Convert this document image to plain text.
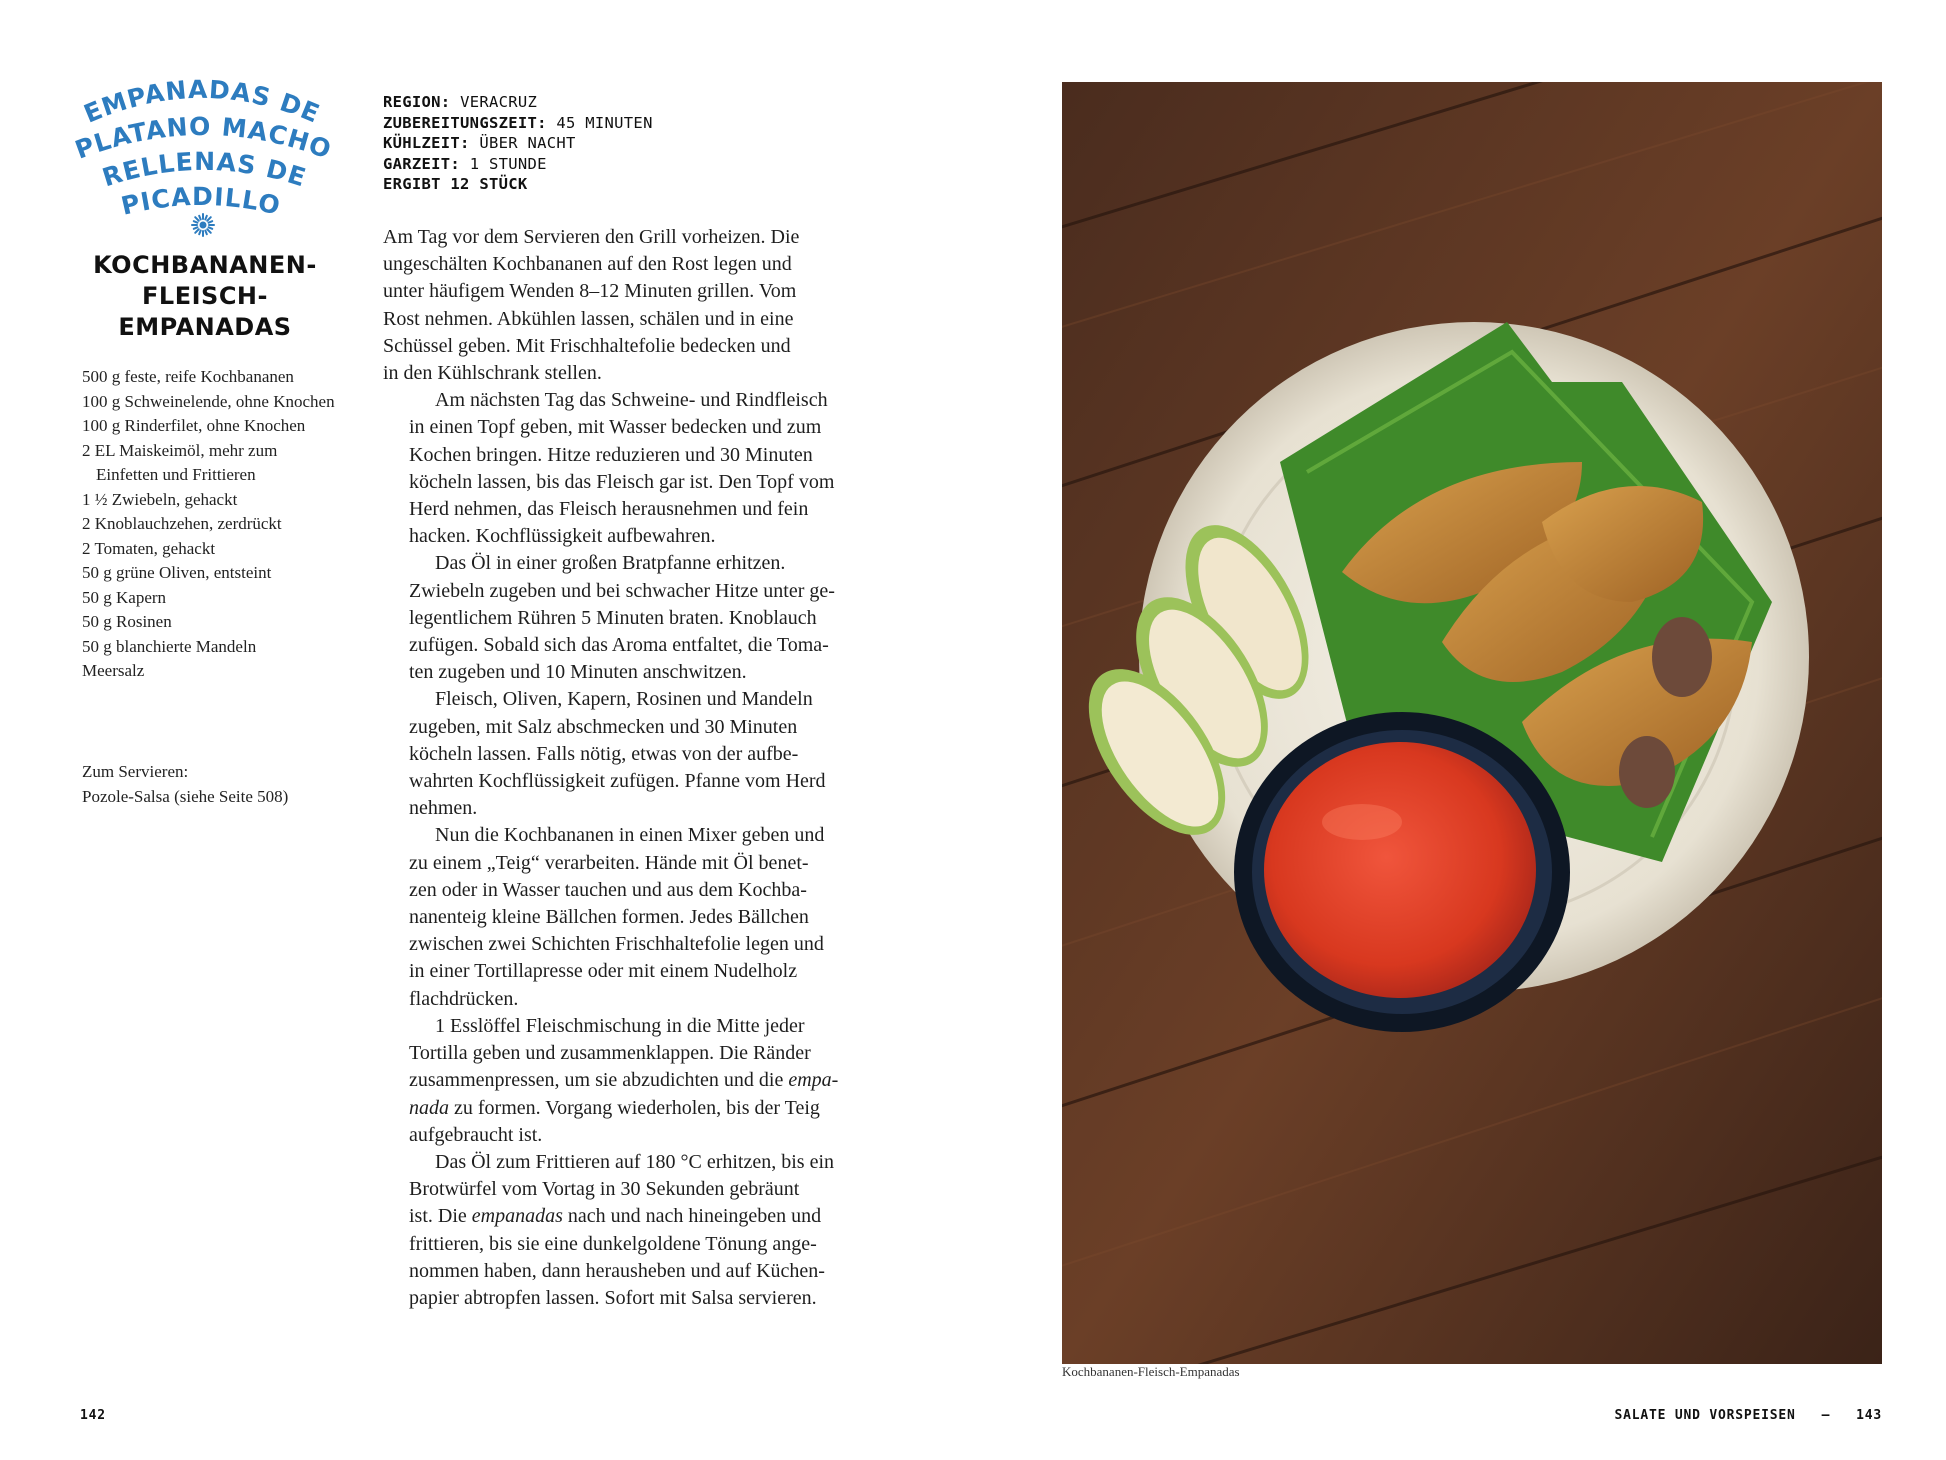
EMPANADAS DE
PLATANO MACHO
RELLENAS DE
PICADILLO
KOCHBANANEN-
FLEISCH-
EMPANADAS
500 g feste, reife Kochbananen
100 g Schweinelende, ohne Knochen
100 g Rinderfilet, ohne Knochen
2 EL Maiskeimöl, mehr zum Einfetten und Frittieren
1 ½ Zwiebeln, gehackt
2 Knoblauchzehen, zerdrückt
2 Tomaten, gehackt
50 g grüne Oliven, entsteint
50 g Kapern
50 g Rosinen
50 g blanchierte Mandeln
Meersalz
Zum Servieren:
Pozole-Salsa (siehe Seite 508)
REGION: VERACRUZ
ZUBEREITUNGSZEIT: 45 MINUTEN
KÜHLZEIT: ÜBER NACHT
GARZEIT: 1 STUNDE
ERGIBT 12 STÜCK

Am Tag vor dem Servieren den Grill vorheizen. Die
ungeschälten Kochbananen auf den Rost legen und
unter häufigem Wenden 8–12 Minuten grillen. Vom
Rost nehmen. Abkühlen lassen, schälen und in eine
Schüssel geben. Mit Frischhaltefolie bedecken und
in den Kühlschrank stellen.

Am nächsten Tag das Schweine- und Rindfleisch
in einen Topf geben, mit Wasser bedecken und zum
Kochen bringen. Hitze reduzieren und 30 Minuten
köcheln lassen, bis das Fleisch gar ist. Den Topf vom
Herd nehmen, das Fleisch herausnehmen und fein
hacken. Kochflüssigkeit aufbewahren.

Das Öl in einer großen Bratpfanne erhitzen.
Zwiebeln zugeben und bei schwacher Hitze unter ge-
legentlichem Rühren 5 Minuten braten. Knoblauch
zufügen. Sobald sich das Aroma entfaltet, die Toma-
ten zugeben und 10 Minuten anschwitzen.

Fleisch, Oliven, Kapern, Rosinen und Mandeln
zugeben, mit Salz abschmecken und 30 Minuten
köcheln lassen. Falls nötig, etwas von der aufbe-
wahrten Kochflüssigkeit zufügen. Pfanne vom Herd
nehmen.

Nun die Kochbananen in einen Mixer geben und
zu einem „Teig“ verarbeiten. Hände mit Öl benet-
zen oder in Wasser tauchen und aus dem Kochba-
nanenteig kleine Bällchen formen. Jedes Bällchen
zwischen zwei Schichten Frischhaltefolie legen und
in einer Tortillapresse oder mit einem Nudelholz
flachdrücken.

1 Esslöffel Fleischmischung in die Mitte jeder
Tortilla geben und zusammenklappen. Die Ränder
zusammenpressen, um sie abzudichten und die empa-
nada zu formen. Vorgang wiederholen, bis der Teig
aufgebraucht ist.

Das Öl zum Frittieren auf 180 °C erhitzen, bis ein
Brotwürfel vom Vortag in 30 Sekunden gebräunt
ist. Die empanadas nach und nach hineingeben und
frittieren, bis sie eine dunkelgoldene Tönung ange-
nommen haben, dann herausheben und auf Küchen-
papier abtropfen lassen. Sofort mit Salsa servieren.

142
Kochbananen-Fleisch-Empanadas
SALATE UND VORSPEISEN – 143
